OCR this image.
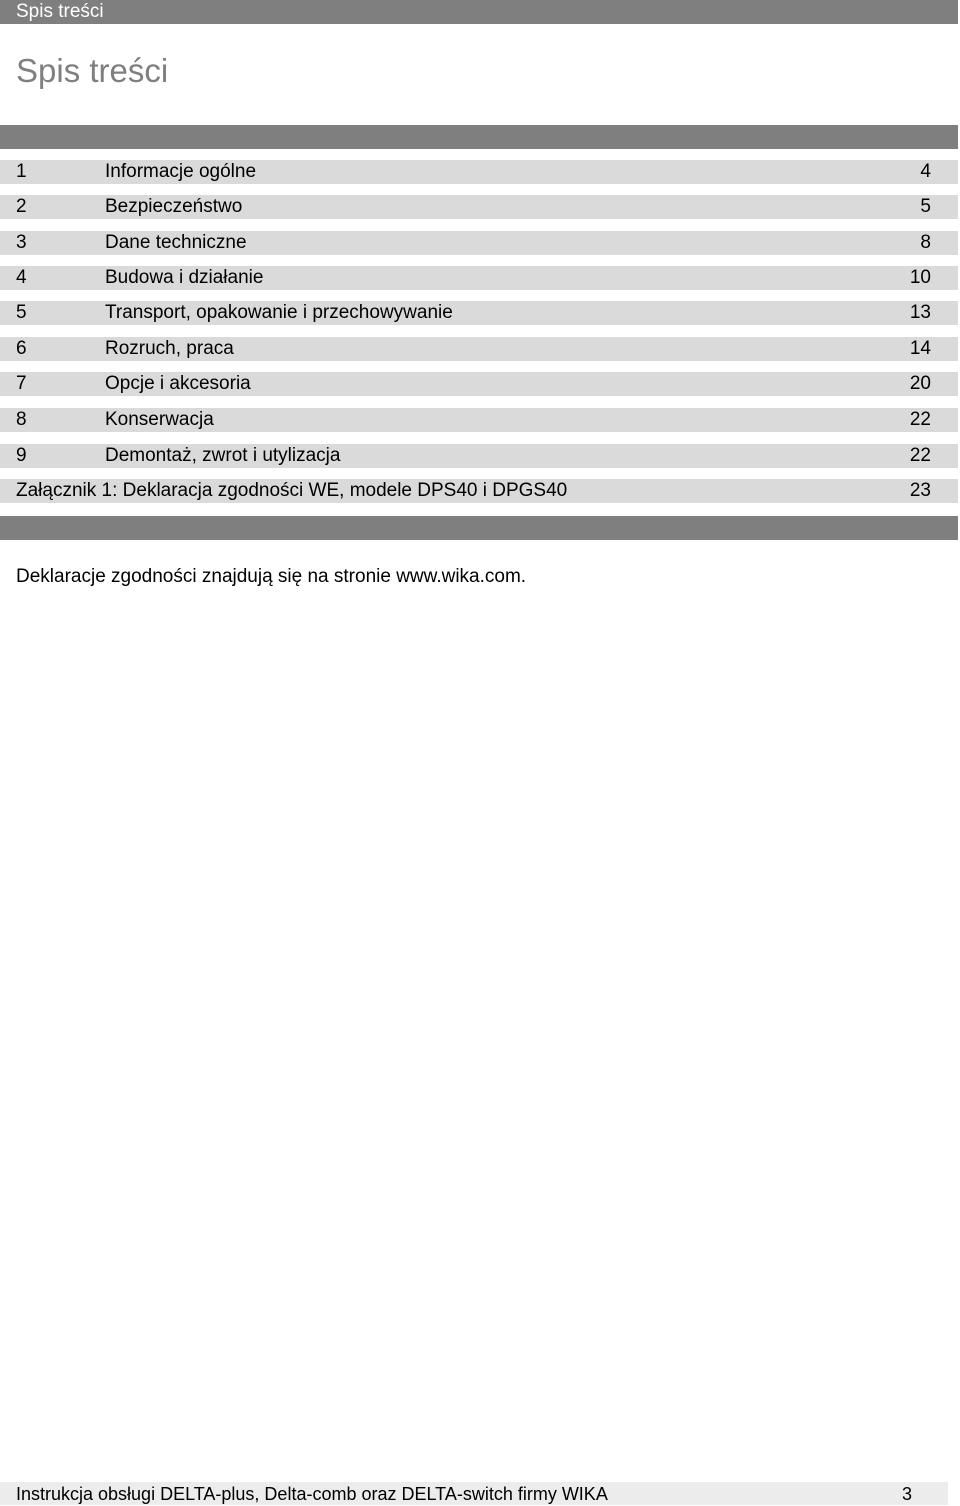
Spis treści
Spis treści
1	Informacje ogólne	4
2	Bezpieczeństwo	5
3	Dane techniczne	8
4	Budowa i działanie	10
5	Transport, opakowanie i przechowywanie	13
6	Rozruch, praca	14
7	Opcje i akcesoria	20
8	Konserwacja	22
9	Demontaż, zwrot i utylizacja	22
Załącznik 1: Deklaracja zgodności WE, modele DPS40 i DPGS40	23
Deklaracje zgodności znajdują się na stronie www.wika.com.
Instrukcja obsługi DELTA-plus, Delta-comb oraz DELTA-switch firmy WIKA	3
